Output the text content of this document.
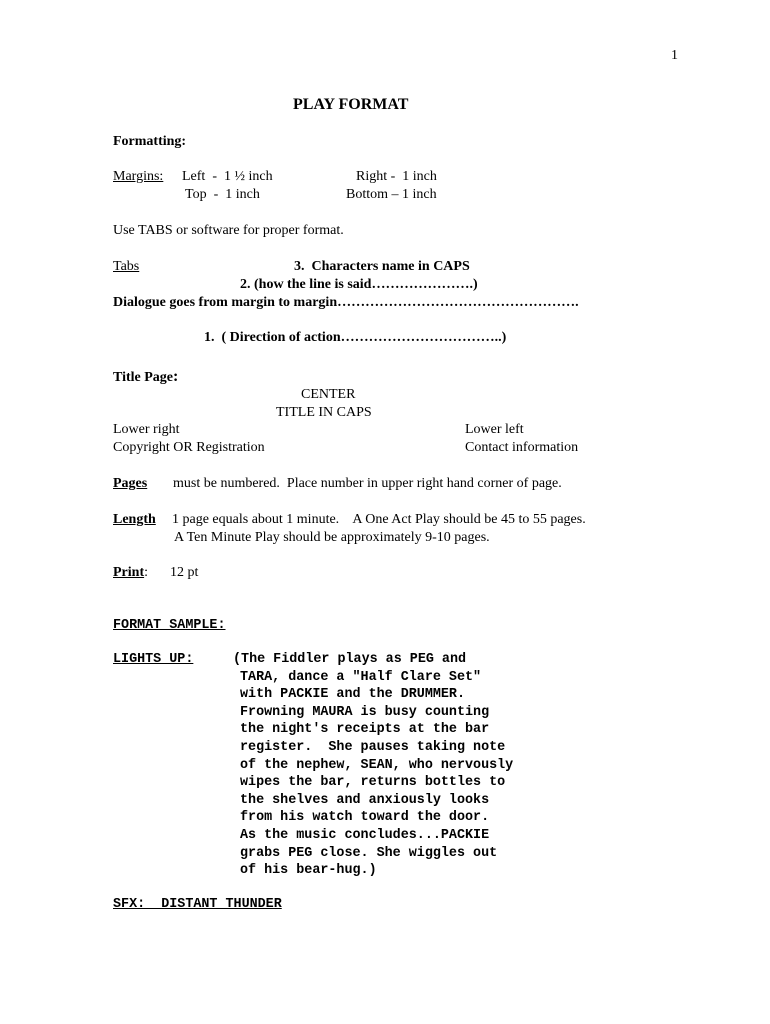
1
PLAY FORMAT
Formatting:
Margins: Left  -  1 ½ inch
Top  -  1 inch
Right -  1 inch
Bottom – 1 inch
Use TABS or software for proper format.
Tabs	3.  Characters name in CAPS
2. (how the line is said………………….)
Dialogue goes from margin to margin…………………………………………….
1.  ( Direction of action……………………………..)
Title Page:
CENTER
TITLE IN CAPS
Lower right
Copyright OR Registration
Lower left
Contact information
Pages must be numbered.  Place number in upper right hand corner of page.
Length 1 page equals about 1 minute.    A One Act Play should be 45 to 55 pages.
A Ten Minute Play should be approximately 9-10 pages.
Print: 12 pt
FORMAT SAMPLE:
LIGHTS UP:	(The Fiddler plays as PEG and
TARA, dance a "Half Clare Set"
with PACKIE and the DRUMMER.
Frowning MAURA is busy counting
the night's receipts at the bar
register.  She pauses taking note
of the nephew, SEAN, who nervously
wipes the bar, returns bottles to
the shelves and anxiously looks
from his watch toward the door.
As the music concludes...PACKIE
grabs PEG close. She wiggles out
of his bear-hug.)
SFX:  DISTANT THUNDER
